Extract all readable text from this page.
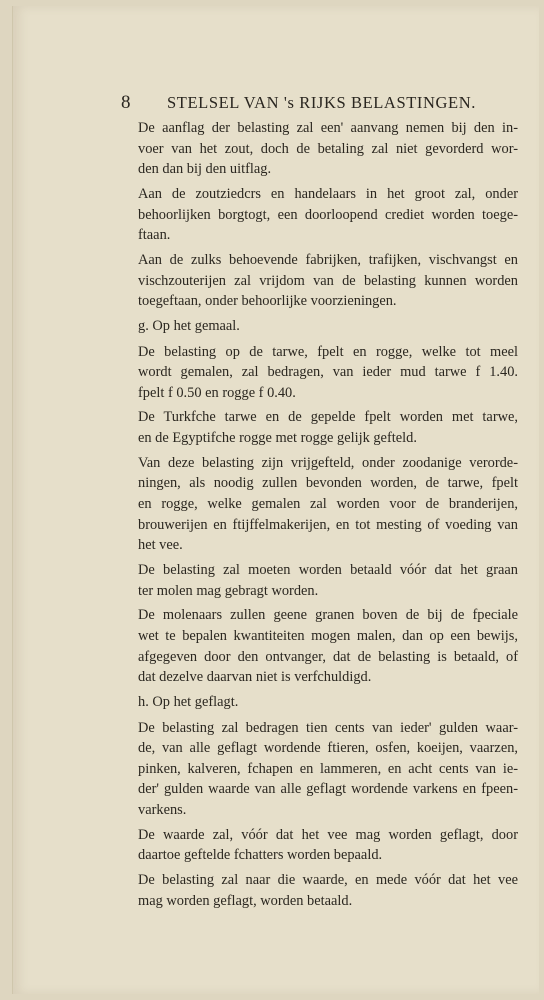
8 STELSEL VAN 's RIJKS BELASTINGEN.
De aanflag der belasting zal een' aanvang nemen bij den in-
voer van het zout, doch de betaling zal niet gevorderd wor-
den dan bij den uitflag.
Aan de zoutziedcrs en handelaars in het groot zal, onder
behoorlijken borgtogt, een doorloopend crediet worden toege-
ftaan.
Aan de zulks behoevende fabrijken, trafijken, vischvangst en
vischzouterijen zal vrijdom van de belasting kunnen worden
toegeftaan, onder behoorlijke voorzieningen.
g. Op het gemaal.
De belasting op de tarwe, fpelt en rogge, welke tot meel
wordt gemalen, zal bedragen, van ieder mud tarwe f 1.40.
fpelt f 0.50 en rogge f 0.40.
De Turkfche tarwe en de gepelde fpelt worden met tarwe,
en de Egyptifche rogge met rogge gelijk gefteld.
Van deze belasting zijn vrijgefteld, onder zoodanige verorde-
ningen, als noodig zullen bevonden worden, de tarwe, fpelt
en rogge, welke gemalen zal worden voor de branderijen,
brouwerijen en ftijffelmakerijen, en tot mesting of voeding van
het vee.
De belasting zal moeten worden betaald vóór dat het graan
ter molen mag gebragt worden.
De molenaars zullen geene granen boven de bij de fpeciale
wet te bepalen kwantiteiten mogen malen, dan op een bewijs,
afgegeven door den ontvanger, dat de belasting is betaald, of
dat dezelve daarvan niet is verfchuldigd.
h. Op het geflagt.
De belasting zal bedragen tien cents van ieder' gulden waar-
de, van alle geflagt wordende ftieren, osfen, koeijen, vaarzen,
pinken, kalveren, fchapen en lammeren, en acht cents van ie-
der' gulden waarde van alle geflagt wordende varkens en fpeen-
varkens.
De waarde zal, vóór dat het vee mag worden geflagt, door
daartoe geftelde fchatters worden bepaald.
De belasting zal naar die waarde, en mede vóór dat het vee
mag worden geflagt, worden betaald.
